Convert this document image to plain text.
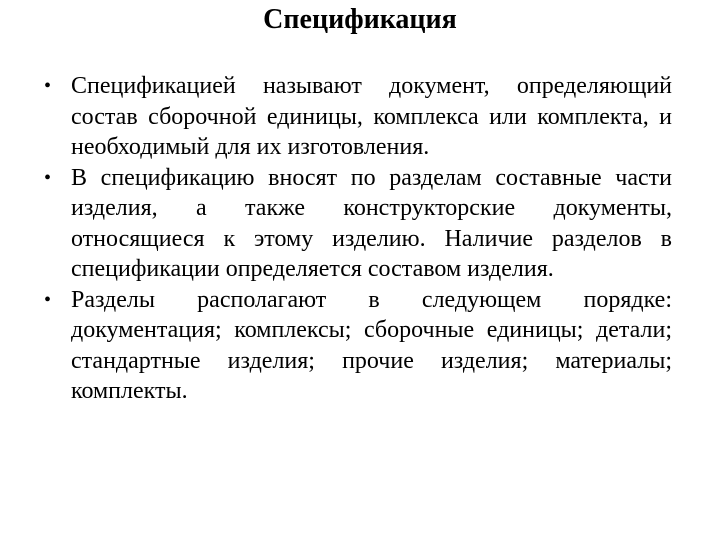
Спецификация
• Спецификацией называют документ, определяющий состав сборочной единицы, комплекса или комплекта, и необходимый для их изготовления.
• В спецификацию вносят по разделам составные части изделия, а также конструкторские документы, относящиеся к этому изделию. Наличие разделов в спецификации определяется составом изделия.
• Разделы располагают в следующем порядке: документация; комплексы; сборочные единицы; детали; стандартные изделия; прочие изделия; материалы; комплекты.
